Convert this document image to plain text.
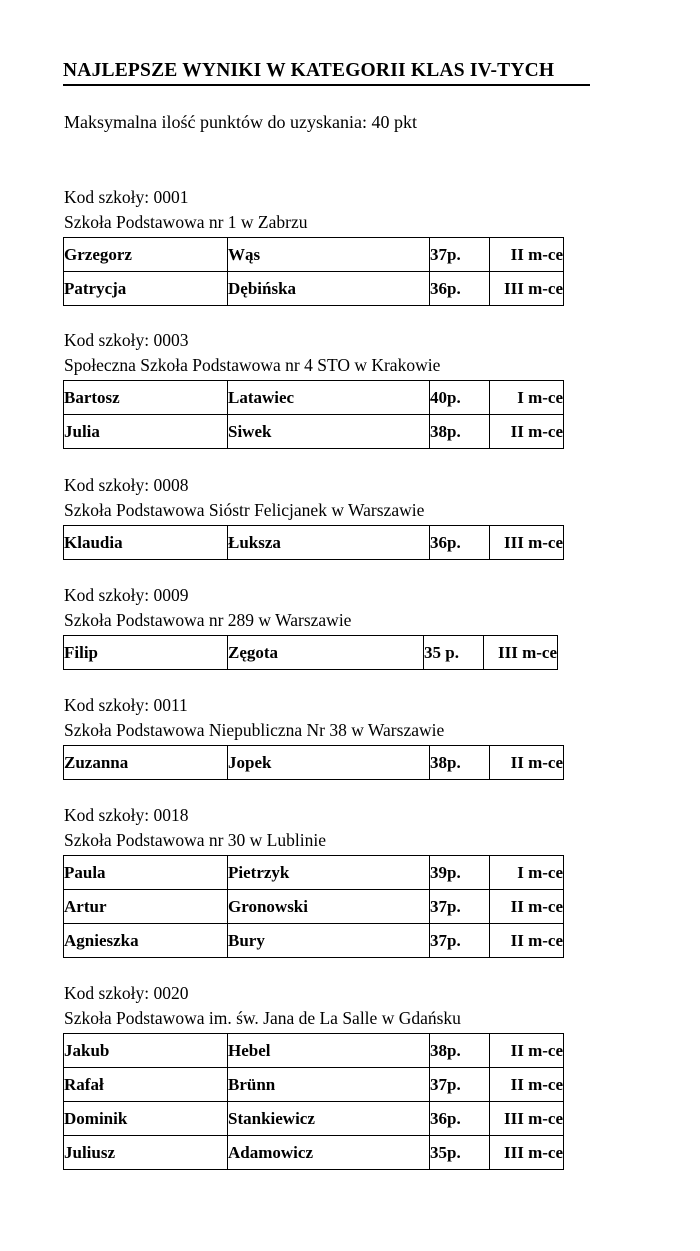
NAJLEPSZE WYNIKI W KATEGORII KLAS IV-TYCH
Maksymalna ilość punktów do uzyskania: 40 pkt
Kod szkoły: 0001
Szkoła Podstawowa nr 1 w Zabrzu
Grzegorz	Wąs	37p.	II m-ce
Patrycja	Dębińska	36p.	III m-ce
Kod szkoły: 0003
Społeczna Szkoła Podstawowa nr 4 STO w Krakowie
Bartosz	Latawiec	40p.	I m-ce
Julia	Siwek	38p.	II m-ce
Kod szkoły: 0008
Szkoła Podstawowa Sióstr Felicjanek w Warszawie
Klaudia	Łuksza	36p.	III m-ce
Kod szkoły: 0009
Szkoła Podstawowa nr 289 w Warszawie
Filip	Zęgota	35 p.	III m-ce
Kod szkoły: 0011
Szkoła Podstawowa Niepubliczna Nr 38 w Warszawie
Zuzanna	Jopek	38p.	II m-ce
Kod szkoły: 0018
Szkoła Podstawowa nr 30 w Lublinie
Paula	Pietrzyk	39p.	I m-ce
Artur	Gronowski	37p.	II m-ce
Agnieszka	Bury	37p.	II m-ce
Kod szkoły: 0020
Szkoła Podstawowa im. św. Jana de La Salle w Gdańsku
Jakub	Hebel	38p.	II m-ce
Rafał	Brünn	37p.	II m-ce
Dominik	Stankiewicz	36p.	III m-ce
Juliusz	Adamowicz	35p.	III m-ce
